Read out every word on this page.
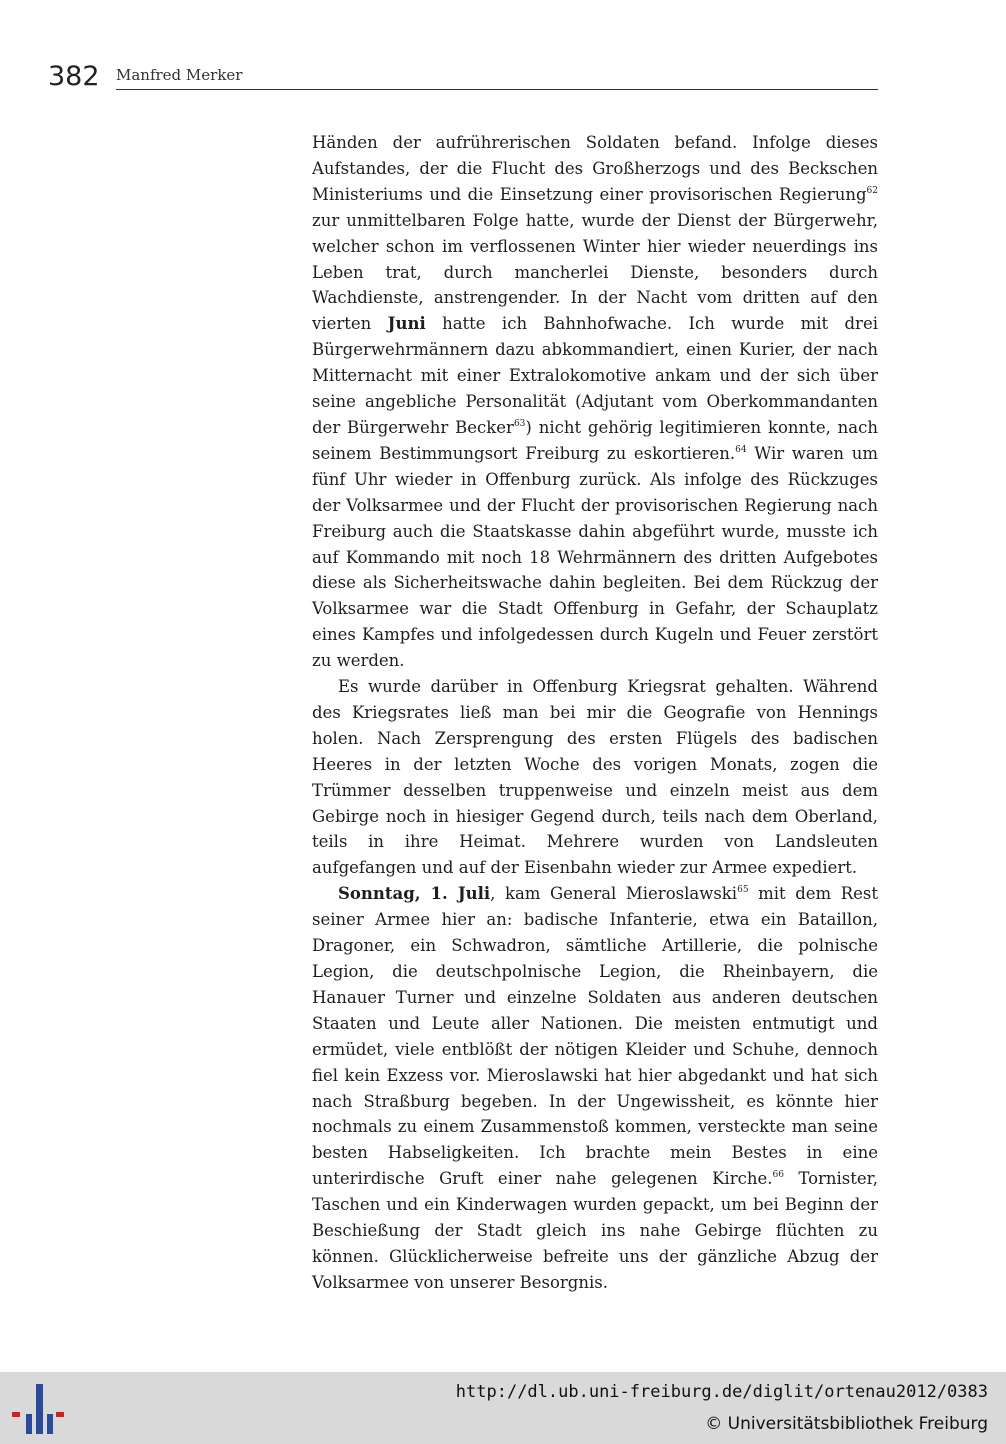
382 Manfred Merker

Händen der aufrührerischen Soldaten befand. Infolge dieses Aufstandes, der die Flucht des Großherzogs und des Beckschen Ministeriums und die Einsetzung einer provisorischen Regierung$^{62}$ zur unmittelbaren Folge hatte, wurde der Dienst der Bürgerwehr, welcher schon im verflossenen Winter hier wieder neuerdings ins Leben trat, durch mancherlei Dienste, besonders durch Wachdienste, anstrengender. In der Nacht vom dritten auf den vierten Juni hatte ich Bahnhofwache. Ich wurde mit drei Bürgerwehrmännern dazu abkommandiert, einen Kurier, der nach Mitternacht mit einer Extralokomotive ankam und der sich über seine angebliche Personalität (Adjutant vom Oberkommandanten der Bürgerwehr Becker$^{63}$) nicht gehörig legitimieren konnte, nach seinem Bestimmungsort Freiburg zu eskortieren.$^{64}$ Wir waren um fünf Uhr wieder in Offenburg zurück. Als infolge des Rückzuges der Volksarmee und der Flucht der provisorischen Regierung nach Freiburg auch die Staatskasse dahin abgeführt wurde, musste ich auf Kommando mit noch 18 Wehrmännern des dritten Aufgebotes diese als Sicherheitswache dahin begleiten. Bei dem Rückzug der Volksarmee war die Stadt Offenburg in Gefahr, der Schauplatz eines Kampfes und infolgedessen durch Kugeln und Feuer zerstört zu werden.

Es wurde darüber in Offenburg Kriegsrat gehalten. Während des Kriegsrates ließ man bei mir die Geografie von Hennings holen. Nach Zersprengung des ersten Flügels des badischen Heeres in der letzten Woche des vorigen Monats, zogen die Trümmer desselben truppenweise und einzeln meist aus dem Gebirge noch in hiesiger Gegend durch, teils nach dem Oberland, teils in ihre Heimat. Mehrere wurden von Landsleuten aufgefangen und auf der Eisenbahn wieder zur Armee expediert.

Sonntag, 1. Juli, kam General Mieroslawski$^{65}$ mit dem Rest seiner Armee hier an: badische Infanterie, etwa ein Bataillon, Dragoner, ein Schwadron, sämtliche Artillerie, die polnische Legion, die deutschpolnische Legion, die Rheinbayern, die Hanauer Turner und einzelne Soldaten aus anderen deutschen Staaten und Leute aller Nationen. Die meisten entmutigt und ermüdet, viele entblößt der nötigen Kleider und Schuhe, dennoch fiel kein Exzess vor. Mieroslawski hat hier abgedankt und hat sich nach Straßburg begeben. In der Ungewissheit, es könnte hier nochmals zu einem Zusammenstoß kommen, versteckte man seine besten Habseligkeiten. Ich brachte mein Bestes in eine unterirdische Gruft einer nahe gelegenen Kirche.$^{66}$ Tornister, Taschen und ein Kinderwagen wurden gepackt, um bei Beginn der Beschießung der Stadt gleich ins nahe Gebirge flüchten zu können. Glücklicherweise befreite uns der gänzliche Abzug der Volksarmee von unserer Besorgnis.

http://dl.ub.uni-freiburg.de/diglit/ortenau2012/0383
© Universitätsbibliothek Freiburg
